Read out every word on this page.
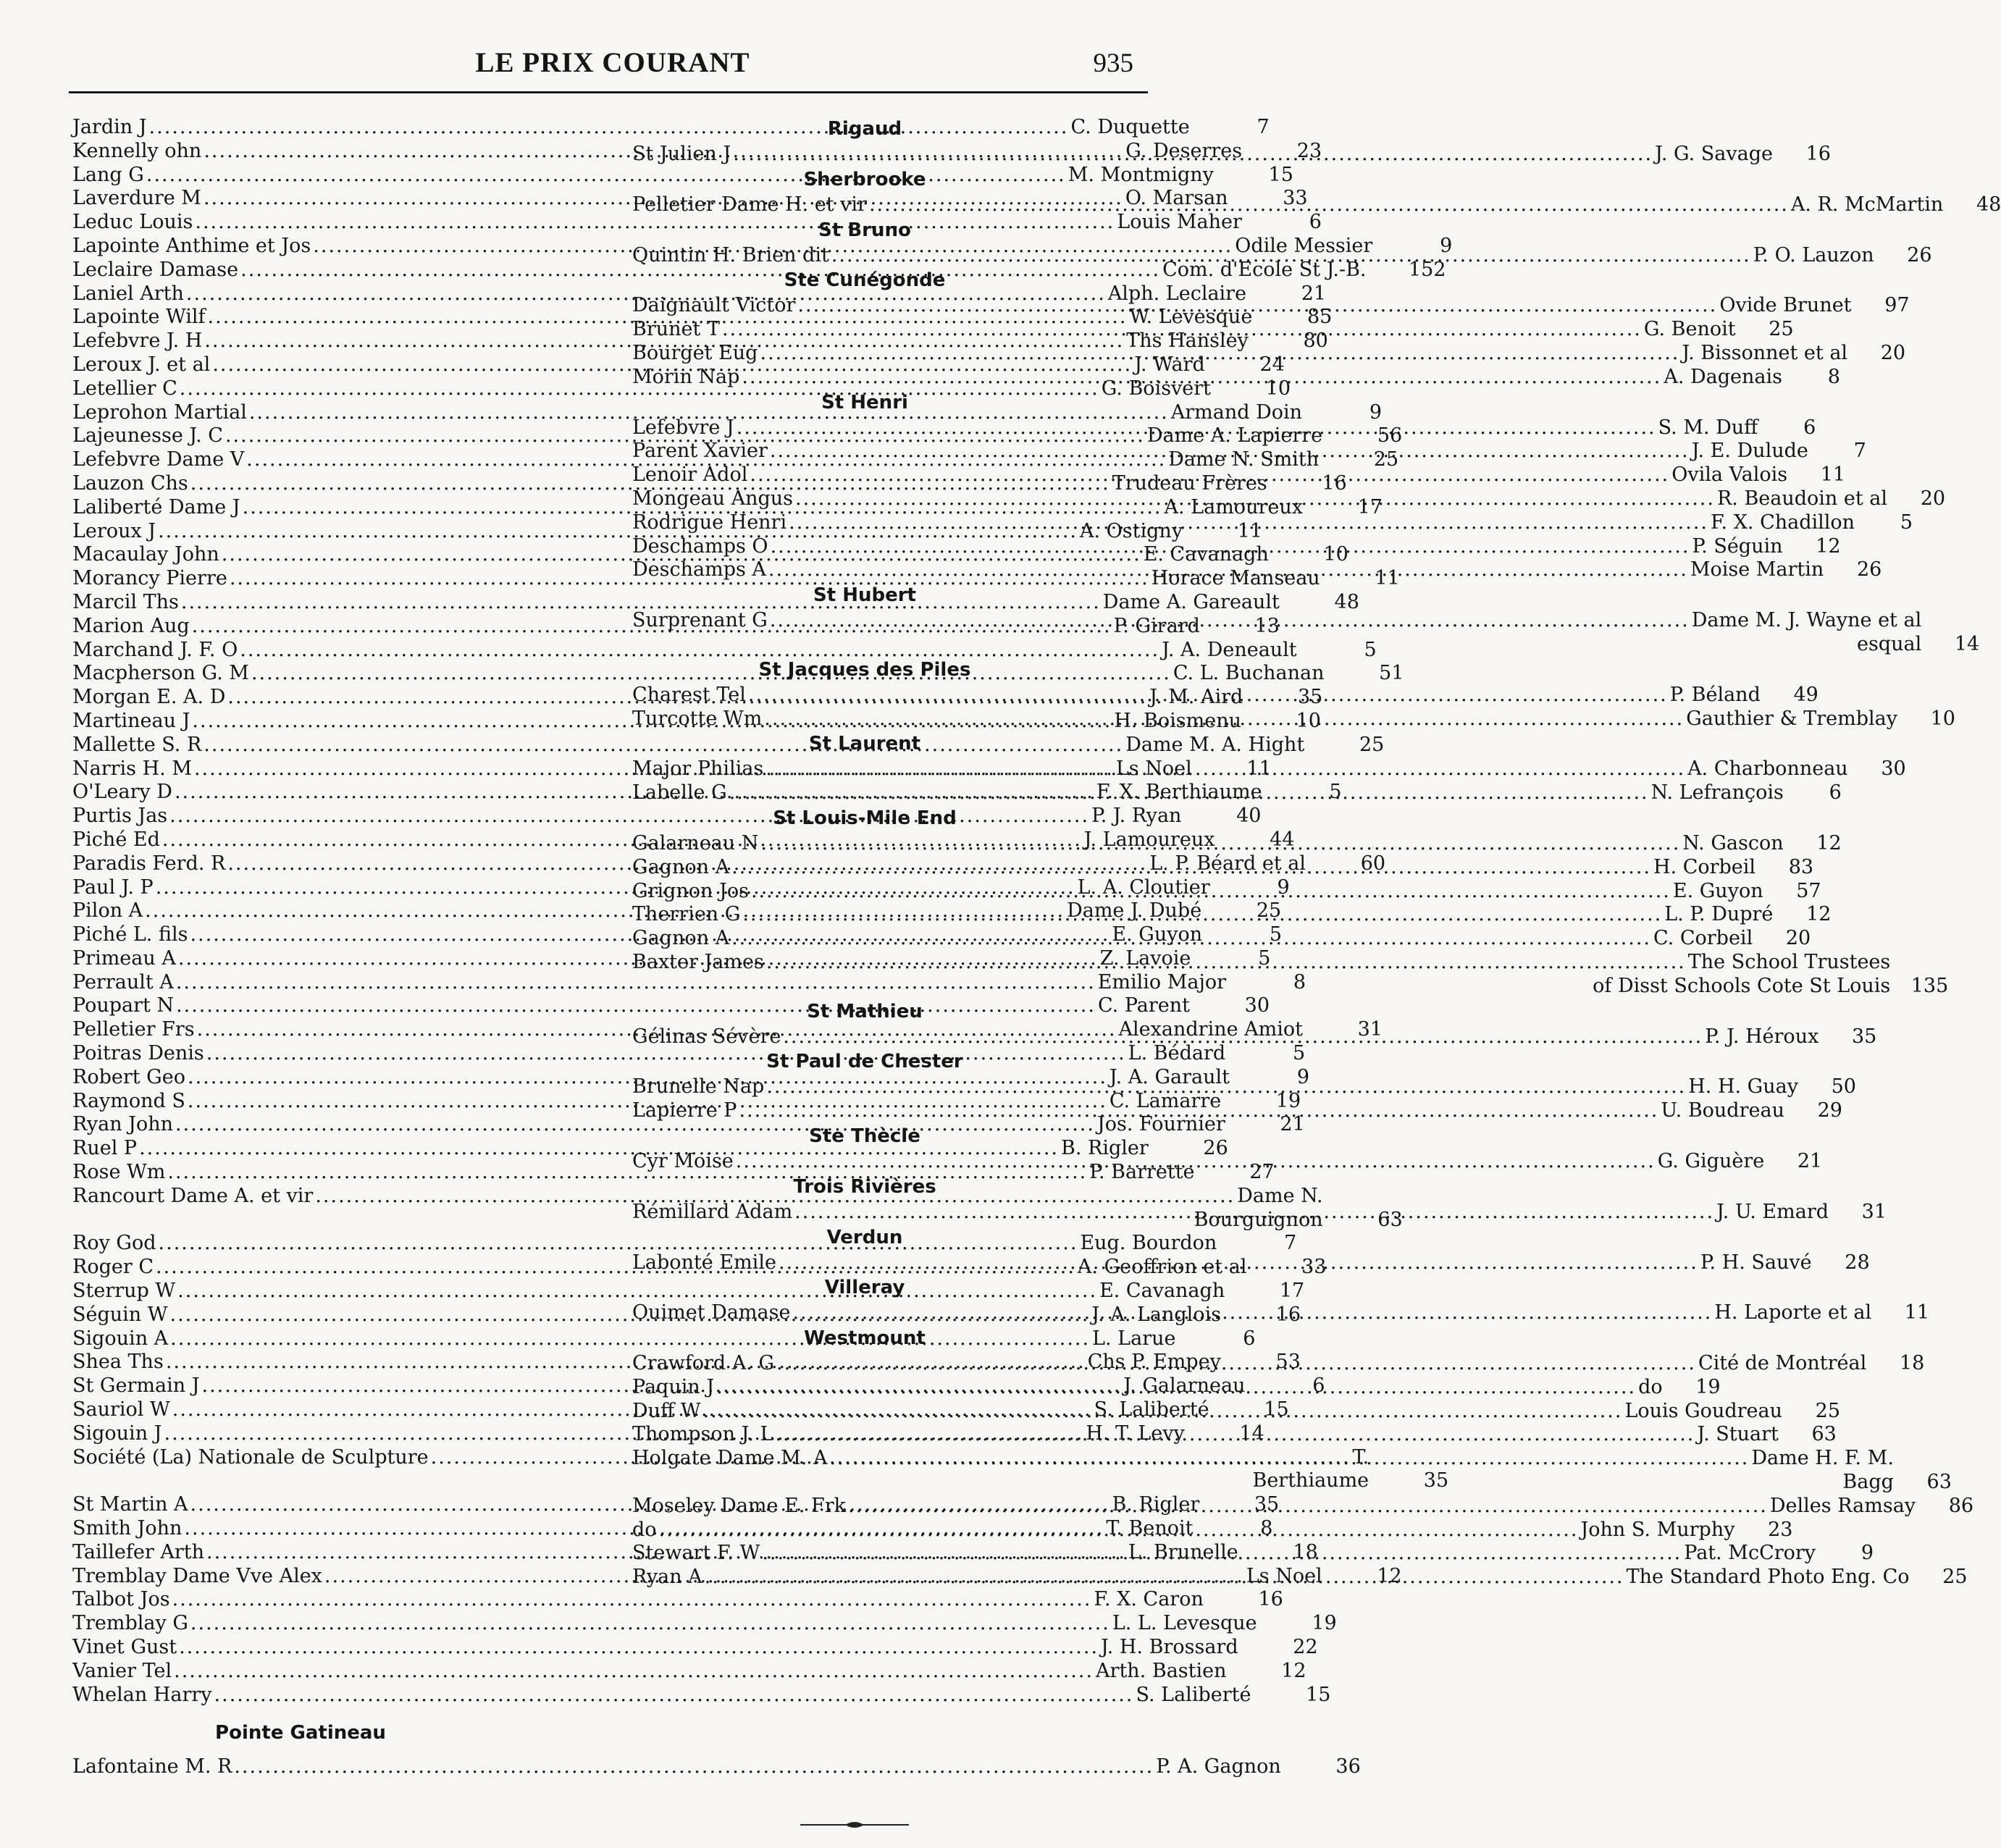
LE PRIX COURANT	935
Jardin J .....	C. Duquette	7
Kennelly ohn .....	G. Deserres	23
Lang G .....	M. Montmigny	15
Laverdure M .....	O. Marsan	33
Leduc Louis .....	Louis Maher	6
Lapointe Anthime et Jos .....	Odile Messier	9
Leclaire Damase .....	Com. d'Ecole St J.-B.	152
Laniel Arth .....	Alph. Leclaire	21
Lapointe Wilf .....	W. Levesque	85
Lefebvre J. H .....	Ths Hansley	80
Leroux J. et al .....	J. Ward	24
Letellier C .....	G. Boisvert	10
Leprohon Martial .....	Armand Doin	9
Lajeunesse J. C .....	Dame A. Lapierre	56
Lefebvre Dame V .....	Dame N. Smith	25
Lauzon Chs .....	Trudeau Frères	16
Laliberté Dame J .....	A. Lamoureux	17
Leroux J .....	A. Ostigny	11
Macaulay John .....	E. Cavanagh	10
Morancy Pierre .....	Horace Manseau	11
Marcil Ths .....	Dame A. Gareault	48
Marion Aug .....	P. Girard	13
Marchand J. F. O .....	J. A. Deneault	5
Macpherson G. M .....	C. L. Buchanan	51
Morgan E. A. D .....	J. M. Aird	35
Martineau J .....	H. Boismenu	10
Mallette S. R .....	Dame M. A. Hight	25
Narris H. M .....	Ls Noel	11
O'Leary D .....	F. X. Berthiaume	5
Purtis Jas .....	P. J. Ryan	40
Piché Ed .....	J. Lamoureux	44
Paradis Ferd. R .....	L. P. Béard et al	60
Paul J. P .....	L. A. Cloutier	9
Pilon A .....	Dame J. Dubé	25
Piché L. fils .....	E. Guyon	5
Primeau A .....	Z. Lavoie	5
Perrault A .....	Emilio Major	8
Poupart N .....	C. Parent	30
Pelletier Frs .....	Alexandrine Amiot	31
Poitras Denis .....	L. Bédard	5
Robert Geo .....	J. A. Garault	9
Raymond S .....	C. Lamarre	19
Ryan John .....	Jos. Fournier	21
Ruel P .....	B. Rigler	26
Rose Wm .....	P. Barrette	27
Rancourt Dame A. et vir .....	Dame N.
Bourguignon	63
Roy God .....	Eug. Bourdon	7
Roger C .....	A. Geoffrion et al	33
Sterrup W .....	E. Cavanagh	17
Séguin W .....	J. A. Langlois	16
Sigouin A .....	L. Larue	6
Shea Ths .....	Chs P. Empey	53
St Germain J .....	J. Galarneau	6
Sauriol W .....	S. Laliberté	15
Sigouin J .....	H. T. Levy	14
Société (La) Nationale de Sculpture .....	T.
Berthiaume	35
St Martin A .....	B. Rigler	35
Smith John .....	T. Benoit	8
Taillefer Arth .....	L. Brunelle	18
Tremblay Dame Vve Alex .....	Ls Noel	12
Talbot Jos .....	F. X. Caron	16
Tremblay G .....	L. L. Levesque	19
Vinet Gust .....	J. H. Brossard	22
Vanier Tel .....	Arth. Bastien	12
Whelan Harry .....	S. Laliberté	15
Pointe Gatineau
Lafontaine M. R .....	P. A. Gagnon	36
Rigaud
St Julien J .....	J. G. Savage	16
Sherbrooke
Pelletier Dame H. et vir .....	A. R. McMartin	48
St Bruno
Quintin H. Brien dit .....	P. O. Lauzon	26
Ste Cunégonde
Daignault Victor .....	Ovide Brunet	97
Brunet T .....	G. Benoit	25
Bourget Eug .....	J. Bissonnet et al	20
Morin Nap .....	A. Dagenais	8
St Henri
Lefebvre J .....	S. M. Duff	6
Parent Xavier .....	J. E. Dulude	7
Lenoir Adol .....	Ovila Valois	11
Mongeau Angus .....	R. Beaudoin et al	20
Rodrigue Henri .....	F. X. Chadillon	5
Deschamps O .....	P. Séguin	12
Deschamps A .....	Moise Martin	26
St Hubert
Surprenant G .....	Dame M. J. Wayne et al
esqual	14
St Jacques des Piles
Charest Tel .....	P. Béland	49
Turcotte Wm .....	Gauthier & Tremblay	10
St Laurent
Major Philias .....	A. Charbonneau	30
Labelle G .....	N. Lefrançois	6
St Louis-Mile End
Galarneau N .....	N. Gascon	12
Gagnon A .....	H. Corbeil	83
Grignon Jos .....	E. Guyon	57
Therrien G .....	L. P. Dupré	12
Gagnon A .....	C. Corbeil	20
Baxter James .....	The School Trustees
of Disst Schools Cote St Louis	135
St Mathieu
Gélinas Sévère .....	P. J. Héroux	35
St Paul de Chester
Brunelle Nap .....	H. H. Guay	50
Lapierre P .....	U. Boudreau	29
Ste Thècle
Cyr Moise .....	G. Giguère	21
Trois Rivières
Rémillard Adam .....	J. U. Emard	31
Verdun
Labonté Emile .....	P. H. Sauvé	28
Villeray
Ouimet Damase .....	H. Laporte et al	11
Westmount
Crawford A. G .....	Cité de Montréal	18
Paquin J .....	do	19
Duff W .....	Louis Goudreau	25
Thompson J. L .....	J. Stuart	63
Holgate Dame M. A .....	Dame H. F. M.
Bagg	63
Moseley Dame E. Frk .....	Delles Ramsay	86
do .....	John S. Murphy	23
Stewart F. W .....	Pat. McCrory	9
Ryan A .....	The Standard Photo Eng. Co	25
